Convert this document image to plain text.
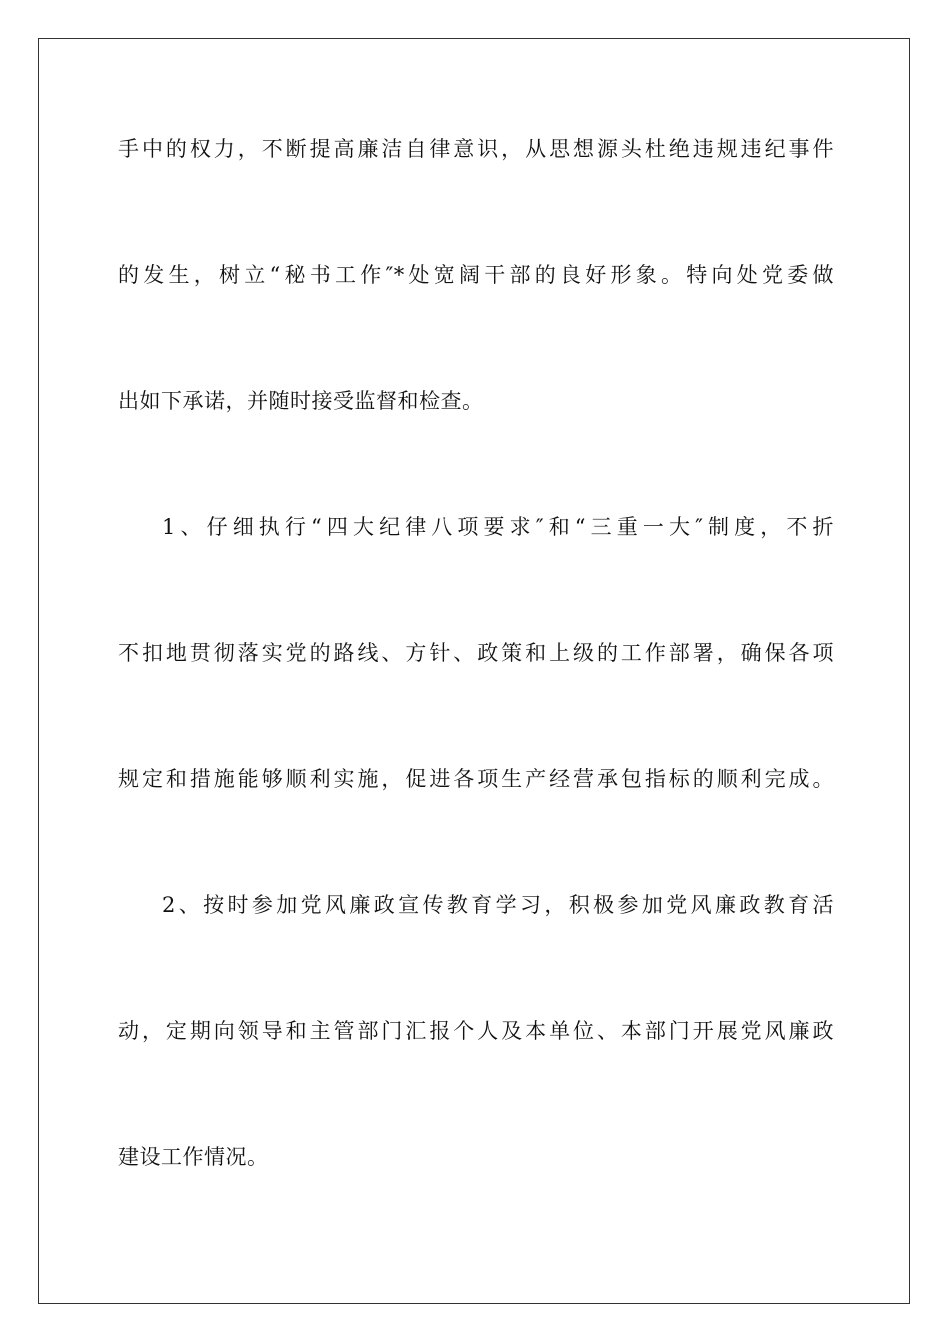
手中的权力，不断提高廉洁自律意识，从思想源头杜绝违规违纪事件
的发生，树立“秘书工作″*处宽阔干部的良好形象。特向处党委做
出如下承诺，并随时接受监督和检查。
1、仔细执行“四大纪律八项要求″和“三重一大″制度，不折
不扣地贯彻落实党的路线、方针、政策和上级的工作部署，确保各项
规定和措施能够顺利实施，促进各项生产经营承包指标的顺利完成。
2、按时参加党风廉政宣传教育学习，积极参加党风廉政教育活
动，定期向领导和主管部门汇报个人及本单位、本部门开展党风廉政
建设工作情况。
